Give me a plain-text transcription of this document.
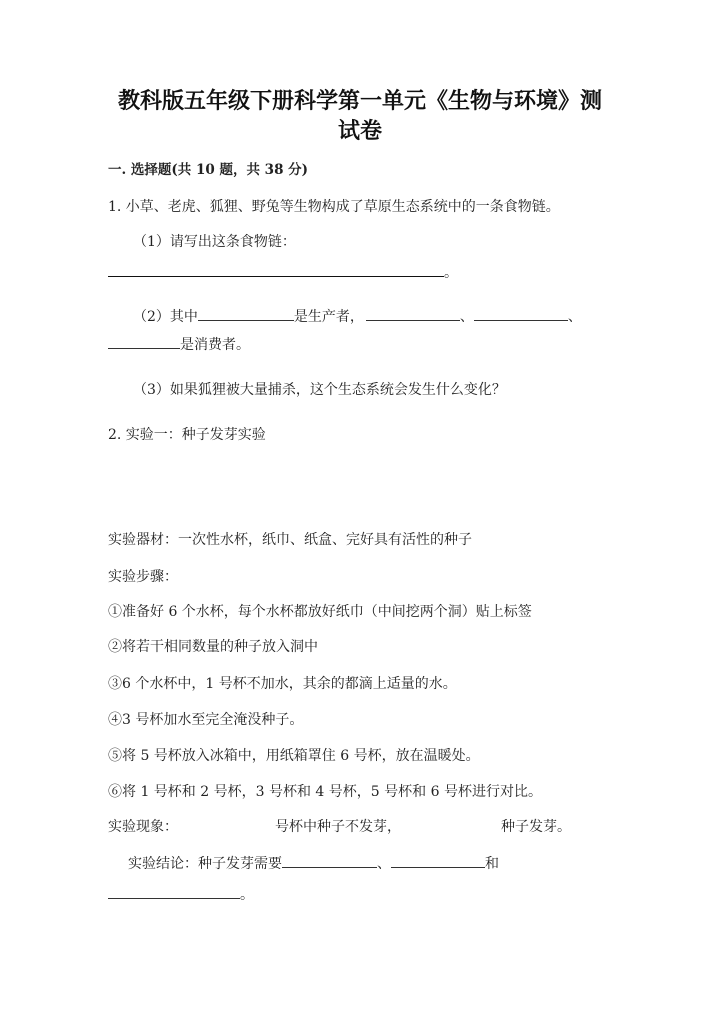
教科版五年级下册科学第一单元《生物与环境》测
试卷
一. 选择题(共 10 题，共 38 分)
1. 小草、老虎、狐狸、野兔等生物构成了草原生态系统中的一条食物链。
（1）请写出这条食物链：
。
（2）其中	是生产者，	、	、
是消费者。
（3）如果狐狸被大量捕杀，这个生态系统会发生什么变化？
2. 实验一：种子发芽实验
实验器材：一次性水杯，纸巾、纸盒、完好具有活性的种子
实验步骤：
①准备好 6 个水杯，每个水杯都放好纸巾（中间挖两个洞）贴上标签
②将若干相同数量的种子放入洞中
③6 个水杯中，1 号杯不加水，其余的都滴上适量的水。
④3 号杯加水至完全淹没种子。
⑤将 5 号杯放入冰箱中，用纸箱罩住 6 号杯，放在温暖处。
⑥将 1 号杯和 2 号杯，3 号杯和 4 号杯，5 号杯和 6 号杯进行对比。
实验现象：	号杯中种子不发芽，	种子发芽。
实验结论：种子发芽需要	、	和
。
